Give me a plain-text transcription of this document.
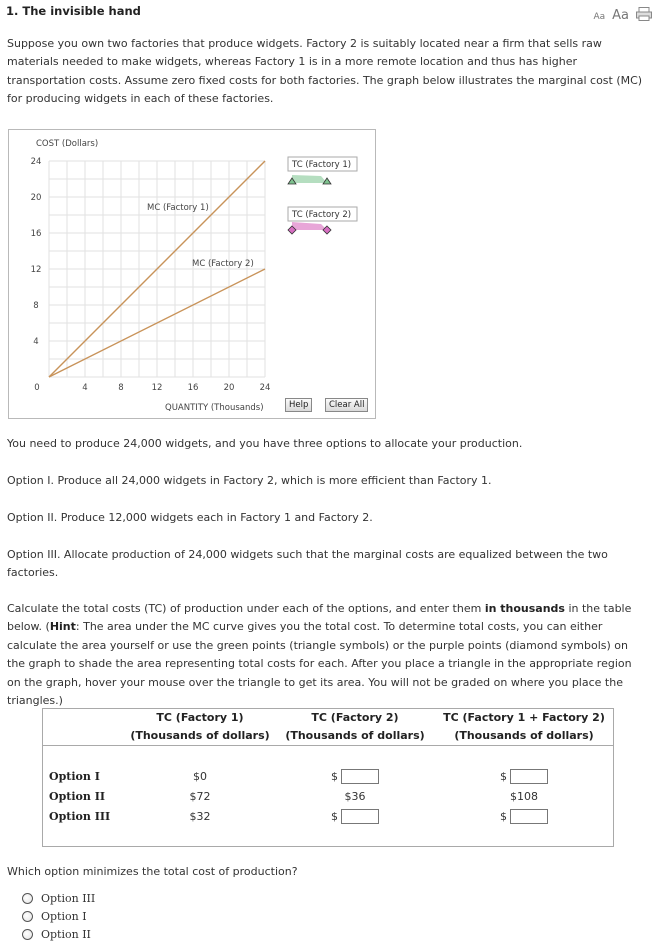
1. The invisible hand	Aa Aa
Suppose you own two factories that produce widgets. Factory 2 is suitably located near a firm that sells raw materials needed to make widgets, whereas Factory 1 is in a more remote location and thus has higher transportation costs. Assume zero fixed costs for both factories. The graph below illustrates the marginal cost (MC) for producing widgets in each of these factories.
COST (Dollars)
QUANTITY (Thousands)
0	4	8	12	16	20	24
4
8
12
16
20
24
MC (Factory 1)
MC (Factory 2)
TC (Factory 1)
TC (Factory 2)
Help	Clear All
You need to produce 24,000 widgets, and you have three options to allocate your production.
Option I. Produce all 24,000 widgets in Factory 2, which is more efficient than Factory 1.
Option II. Produce 12,000 widgets each in Factory 1 and Factory 2.
Option III. Allocate production of 24,000 widgets such that the marginal costs are equalized between the two factories.
Calculate the total costs (TC) of production under each of the options, and enter them in thousands in the table below. (Hint: The area under the MC curve gives you the total cost. To determine total costs, you can either calculate the area yourself or use the green points (triangle symbols) or the purple points (diamond symbols) on the graph to shade the area representing total costs for each. After you place a triangle in the appropriate region on the graph, hover your mouse over the triangle to get its area. You will not be graded on where you place the triangles.)
	TC (Factory 1)	TC (Factory 2)	TC (Factory 1 + Factory 2)
	(Thousands of dollars)	(Thousands of dollars)	(Thousands of dollars)

Option I	$0	$	$

Option II	$72	$36	$108
Option III	$32	$	$

Which option minimizes the total cost of production?
Option III
Option I
Option II
